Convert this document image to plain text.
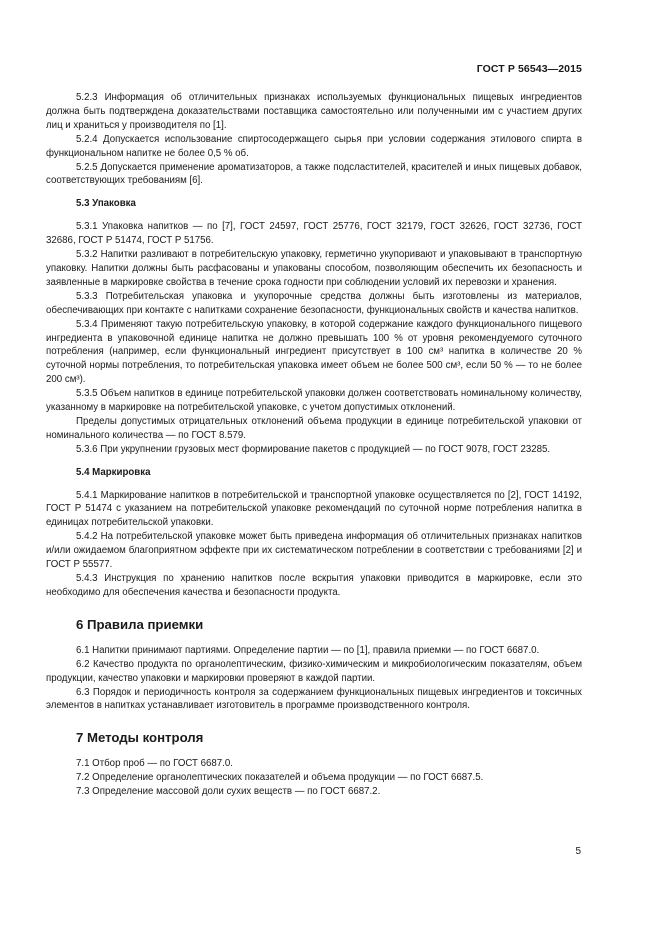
ГОСТ Р 56543—2015

5.2.3 Информация об отличительных признаках используемых функциональных пищевых ингредиентов должна быть подтверждена доказательствами поставщика самостоятельно или полученными им с участием других лиц и храниться у производителя по [1].

5.2.4 Допускается использование спиртосодержащего сырья при условии содержания этилового спирта в функциональном напитке не более 0,5 % об.

5.2.5 Допускается применение ароматизаторов, а также подсластителей, красителей и иных пищевых добавок, соответствующих требованиям [6].

5.3 Упаковка

5.3.1 Упаковка напитков — по [7], ГОСТ 24597, ГОСТ 25776, ГОСТ 32179, ГОСТ 32626, ГОСТ 32736, ГОСТ 32686, ГОСТ Р 51474, ГОСТ Р 51756.

5.3.2 Напитки разливают в потребительскую упаковку, герметично укупоривают и упаковывают в транспортную упаковку. Напитки должны быть расфасованы и упакованы способом, позволяющим обеспечить их безопасность и заявленные в маркировке свойства в течение срока годности при соблюдении условий их перевозки и хранения.

5.3.3 Потребительская упаковка и укупорочные средства должны быть изготовлены из материалов, обеспечивающих при контакте с напитками сохранение безопасности, функциональных свойств и качества напитков.

5.3.4 Применяют такую потребительскую упаковку, в которой содержание каждого функционального пищевого ингредиента в упаковочной единице напитка не должно превышать 100 % от уровня рекомендуемого суточного потребления (например, если функциональный ингредиент присутствует в 100 см³ напитка в количестве 20 % суточной нормы потребления, то потребительская упаковка имеет объем не более 500 см³, если 50 % — то не более 200 см³).

5.3.5 Объем напитков в единице потребительской упаковки должен соответствовать номинальному количеству, указанному в маркировке на потребительской упаковке, с учетом допустимых отклонений.

Пределы допустимых отрицательных отклонений объема продукции в единице потребительской упаковки от номинального количества — по ГОСТ 8.579.

5.3.6 При укрупнении грузовых мест формирование пакетов с продукцией — по ГОСТ 9078, ГОСТ 23285.

5.4 Маркировка

5.4.1 Маркирование напитков в потребительской и транспортной упаковке осуществляется по [2], ГОСТ 14192, ГОСТ Р 51474 с указанием на потребительской упаковке рекомендаций по суточной норме потребления напитка в единицах потребительской упаковки.

5.4.2 На потребительской упаковке может быть приведена информация об отличительных признаках напитков и/или ожидаемом благоприятном эффекте при их систематическом потреблении в соответствии с требованиями [2] и ГОСТ Р 55577.

5.4.3 Инструкция по хранению напитков после вскрытия упаковки приводится в маркировке, если это необходимо для обеспечения качества и безопасности продукта.

6 Правила приемки

6.1 Напитки принимают партиями. Определение партии — по [1], правила приемки — по ГОСТ 6687.0.

6.2 Качество продукта по органолептическим, физико-химическим и микробиологическим показателям, объем продукции, качество упаковки и маркировки проверяют в каждой партии.

6.3 Порядок и периодичность контроля за содержанием функциональных пищевых ингредиентов и токсичных элементов в напитках устанавливает изготовитель в программе производственного контроля.

7 Методы контроля

7.1 Отбор проб — по ГОСТ 6687.0.

7.2 Определение органолептических показателей и объема продукции — по ГОСТ 6687.5.

7.3 Определение массовой доли сухих веществ — по ГОСТ 6687.2.

5
